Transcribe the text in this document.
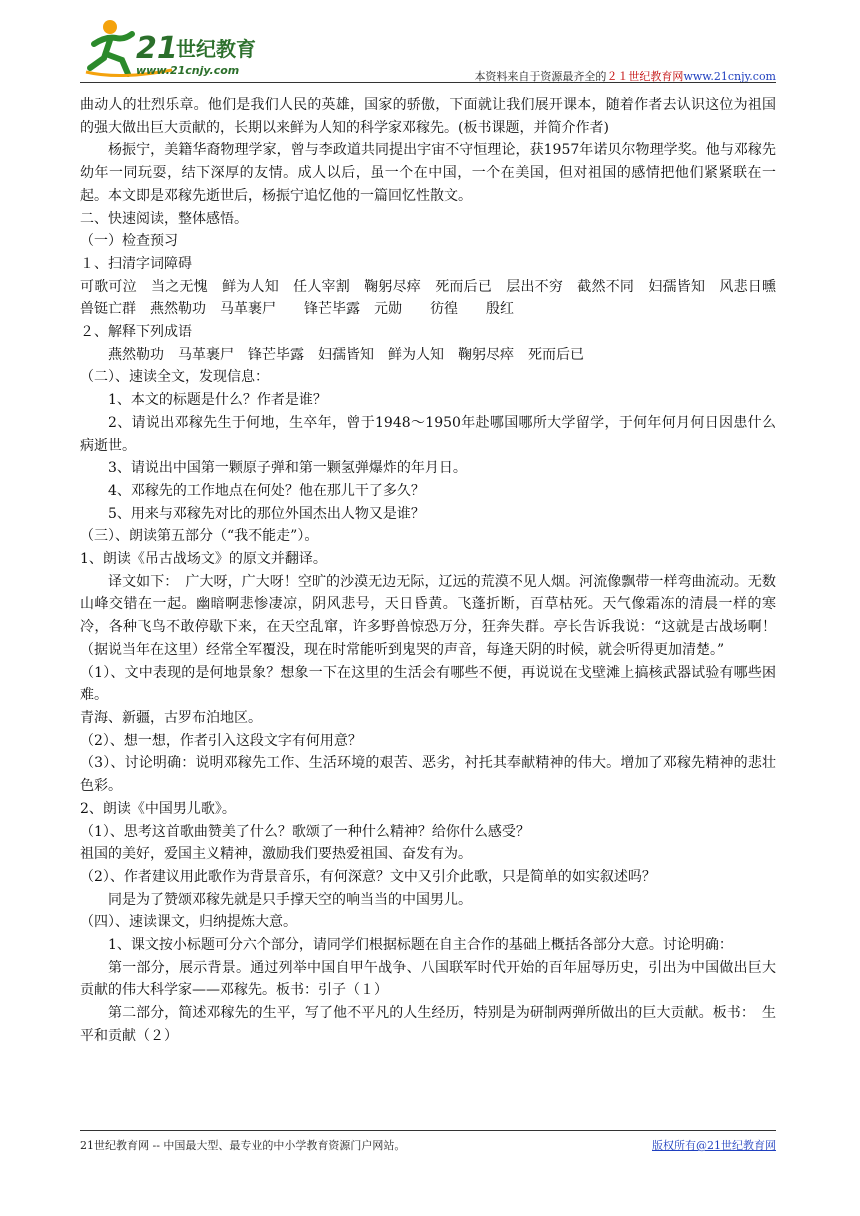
21
世纪教育
www.21cnjy.com	本资料来自于资源最齐全的２１世纪教育网www.21cnjy.com

曲动人的壮烈乐章。他们是我们人民的英雄，国家的骄傲，下面就让我们展开课本，随着作者去认识这位为祖国的强大做出巨大贡献的，长期以来鲜为人知的科学家邓稼先。(板书课题，并简介作者)

杨振宁，美籍华裔物理学家，曾与李政道共同提出宇宙不守恒理论，获1957年诺贝尔物理学奖。他与邓稼先幼年一同玩耍，结下深厚的友情。成人以后，虽一个在中国，一个在美国，但对祖国的感情把他们紧紧联在一起。本文即是邓稼先逝世后，杨振宁追忆他的一篇回忆性散文。

二、快速阅读，整体感悟。

（一）检查预习

１、扫清字词障碍

可歌可泣　当之无愧　鲜为人知　任人宰割　鞠躬尽瘁　死而后已　层出不穷　截然不同　妇孺皆知　风悲日曛　兽铤亡群　燕然勒功　马革裹尸　　锋芒毕露　元勋　　彷徨　　殷红

２、解释下列成语

燕然勒功　马革裹尸　锋芒毕露　妇孺皆知　鲜为人知　鞠躬尽瘁　死而后已

（二）、速读全文，发现信息：

1、本文的标题是什么？作者是谁？

2、请说出邓稼先生于何地，生卒年，曾于1948～1950年赴哪国哪所大学留学，于何年何月何日因患什么病逝世。

3、请说出中国第一颗原子弹和第一颗氢弹爆炸的年月日。

4、邓稼先的工作地点在何处？他在那儿干了多久？

5、用来与邓稼先对比的那位外国杰出人物又是谁？

（三）、朗读第五部分（“我不能走”）。

1、朗读《吊古战场文》的原文并翻译。

译文如下：　广大呀，广大呀！空旷的沙漠无边无际，辽远的荒漠不见人烟。河流像飘带一样弯曲流动。无数山峰交错在一起。幽暗啊悲惨凄凉，阴风悲号，天日昏黄。飞蓬折断，百草枯死。天气像霜冻的清晨一样的寒冷，各种飞鸟不敢停歇下来，在天空乱窜，许多野兽惊恐万分，狂奔失群。亭长告诉我说：“这就是古战场啊！（据说当年在这里）经常全军覆没，现在时常能听到鬼哭的声音，每逢天阴的时候，就会听得更加清楚。”

（1）、文中表现的是何地景象？想象一下在这里的生活会有哪些不便，再说说在戈壁滩上搞核武器试验有哪些困难。

青海、新疆，古罗布泊地区。

（2）、想一想，作者引入这段文字有何用意？

（3）、讨论明确：说明邓稼先工作、生活环境的艰苦、恶劣，衬托其奉献精神的伟大。增加了邓稼先精神的悲壮色彩。

2、朗读《中国男儿歌》。

（1）、思考这首歌曲赞美了什么？歌颂了一种什么精神？给你什么感受？

祖国的美好，爱国主义精神，激励我们要热爱祖国、奋发有为。

（2）、作者建议用此歌作为背景音乐，有何深意？文中又引介此歌，只是简单的如实叙述吗？

同是为了赞颂邓稼先就是只手撑天空的响当当的中国男儿。

（四）、速读课文，归纳提炼大意。

1、课文按小标题可分六个部分，请同学们根据标题在自主合作的基础上概括各部分大意。讨论明确：

第一部分，展示背景。通过列举中国自甲午战争、八国联军时代开始的百年屈辱历史，引出为中国做出巨大贡献的伟大科学家——邓稼先。板书：引子（１）

第二部分，简述邓稼先的生平，写了他不平凡的人生经历，特别是为研制两弹所做出的巨大贡献。板书：　生平和贡献（２）

21世纪教育网 -- 中国最大型、最专业的中小学教育资源门户网站。	版权所有@21世纪教育网
